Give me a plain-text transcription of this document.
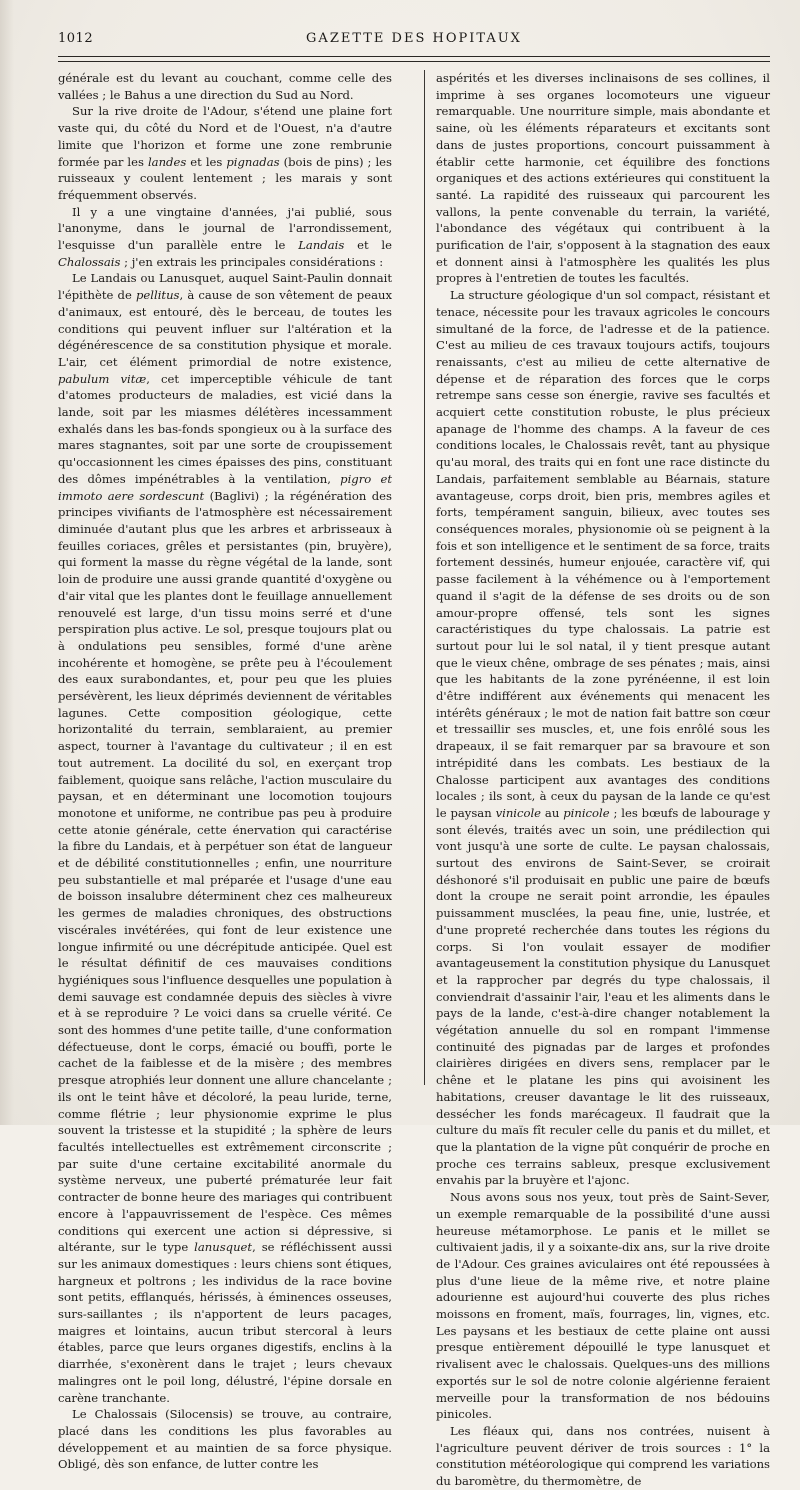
1012	GAZETTE DES HOPITAUX

générale est du levant au couchant, comme celle des vallées ; le Bahus a une direction du Sud au Nord.

Sur la rive droite de l'Adour, s'étend une plaine fort vaste qui, du côté du Nord et de l'Ouest, n'a d'autre limite que l'horizon et forme une zone rembrunie formée par les landes et les pignadas (bois de pins) ; les ruisseaux y coulent lentement ; les marais y sont fréquemment observés.

Il y a une vingtaine d'années, j'ai publié, sous l'anonyme, dans le journal de l'arrondissement, l'esquisse d'un parallèle entre le Landais et le Chalossais ; j'en extrais les principales considérations :

Le Landais ou Lanusquet, auquel Saint-Paulin donnait l'épithète de pellitus, à cause de son vêtement de peaux d'animaux, est entouré, dès le berceau, de toutes les conditions qui peuvent influer sur l'altération et la dégénérescence de sa constitution physique et morale. L'air, cet élément primordial de notre existence, pabulum vitæ, cet imperceptible véhicule de tant d'atomes producteurs de maladies, est vicié dans la lande, soit par les miasmes délétères incessamment exhalés dans les bas-fonds spongieux ou à la surface des mares stagnantes, soit par une sorte de croupissement qu'occasionnent les cimes épaisses des pins, constituant des dômes impénétrables à la ventilation, pigro et immoto aere sordescunt (Baglivi) ; la régénération des principes vivifiants de l'atmosphère est nécessairement diminuée d'autant plus que les arbres et arbrisseaux à feuilles coriaces, grêles et persistantes (pin, bruyère), qui forment la masse du règne végétal de la lande, sont loin de produire une aussi grande quantité d'oxygène ou d'air vital que les plantes dont le feuillage annuellement renouvelé est large, d'un tissu moins serré et d'une perspiration plus active. Le sol, presque toujours plat ou à ondulations peu sensibles, formé d'une arène incohérente et homogène, se prête peu à l'écoulement des eaux surabondantes, et, pour peu que les pluies persévèrent, les lieux déprimés deviennent de véritables lagunes. Cette composition géologique, cette horizontalité du terrain, semblaraient, au premier aspect, tourner à l'avantage du cultivateur ; il en est tout autrement. La docilité du sol, en exerçant trop faiblement, quoique sans relâche, l'action musculaire du paysan, et en déterminant une locomotion toujours monotone et uniforme, ne contribue pas peu à produire cette atonie générale, cette énervation qui caractérise la fibre du Landais, et à perpétuer son état de langueur et de débilité constitutionnelles ; enfin, une nourriture peu substantielle et mal préparée et l'usage d'une eau de boisson insalubre déterminent chez ces malheureux les germes de maladies chroniques, des obstructions viscérales invétérées, qui font de leur existence une longue infirmité ou une décrépitude anticipée. Quel est le résultat définitif de ces mauvaises conditions hygiéniques sous l'influence desquelles une population à demi sauvage est condamnée depuis des siècles à vivre et à se reproduire ? Le voici dans sa cruelle vérité. Ce sont des hommes d'une petite taille, d'une conformation défectueuse, dont le corps, émacié ou bouffi, porte le cachet de la faiblesse et de la misère ; des membres presque atrophiés leur donnent une allure chancelante ; ils ont le teint hâve et décoloré, la peau luride, terne, comme flétrie ; leur physionomie exprime le plus souvent la tristesse et la stupidité ; la sphère de leurs facultés intellectuelles est extrêmement circonscrite ; par suite d'une certaine excitabilité anormale du système nerveux, une puberté prématurée leur fait contracter de bonne heure des mariages qui contribuent encore à l'appauvrissement de l'espèce. Ces mêmes conditions qui exercent une action si dépressive, si altérante, sur le type lanusquet, se réfléchissent aussi sur les animaux domestiques : leurs chiens sont étiques, hargneux et poltrons ; les individus de la race bovine sont petits, efflanqués, hérissés, à éminences osseuses, surs-saillantes ; ils n'apportent de leurs pacages, maigres et lointains, aucun tribut stercoral à leurs étables, parce que leurs organes digestifs, enclins à la diarrhée, s'exonèrent dans le trajet ; leurs chevaux malingres ont le poil long, délustré, l'épine dorsale en carène tranchante.

Le Chalossais (Silocensis) se trouve, au contraire, placé dans les conditions les plus favorables au développement et au maintien de sa force physique. Obligé, dès son enfance, de lutter contre les

aspérités et les diverses inclinaisons de ses collines, il imprime à ses organes locomoteurs une vigueur remarquable. Une nourriture simple, mais abondante et saine, où les éléments réparateurs et excitants sont dans de justes proportions, concourt puissamment à établir cette harmonie, cet équilibre des fonctions organiques et des actions extérieures qui constituent la santé. La rapidité des ruisseaux qui parcourent les vallons, la pente convenable du terrain, la variété, l'abondance des végétaux qui contribuent à la purification de l'air, s'opposent à la stagnation des eaux et donnent ainsi à l'atmosphère les qualités les plus propres à l'entretien de toutes les facultés.

La structure géologique d'un sol compact, résistant et tenace, nécessite pour les travaux agricoles le concours simultané de la force, de l'adresse et de la patience. C'est au milieu de ces travaux toujours actifs, toujours renaissants, c'est au milieu de cette alternative de dépense et de réparation des forces que le corps retrempe sans cesse son énergie, ravive ses facultés et acquiert cette constitution robuste, le plus précieux apanage de l'homme des champs. A la faveur de ces conditions locales, le Chalossais revêt, tant au physique qu'au moral, des traits qui en font une race distincte du Landais, parfaitement semblable au Béarnais, stature avantageuse, corps droit, bien pris, membres agiles et forts, tempérament sanguin, bilieux, avec toutes ses conséquences morales, physionomie où se peignent à la fois et son intelligence et le sentiment de sa force, traits fortement dessinés, humeur enjouée, caractère vif, qui passe facilement à la véhémence ou à l'emportement quand il s'agit de la défense de ses droits ou de son amour-propre offensé, tels sont les signes caractéristiques du type chalossais. La patrie est surtout pour lui le sol natal, il y tient presque autant que le vieux chêne, ombrage de ses pénates ; mais, ainsi que les habitants de la zone pyrénéenne, il est loin d'être indifférent aux événements qui menacent les intérêts généraux ; le mot de nation fait battre son cœur et tressaillir ses muscles, et, une fois enrôlé sous les drapeaux, il se fait remarquer par sa bravoure et son intrépidité dans les combats. Les bestiaux de la Chalosse participent aux avantages des conditions locales ; ils sont, à ceux du paysan de la lande ce qu'est le paysan vinicole au pinicole ; les bœufs de labourage y sont élevés, traités avec un soin, une prédilection qui vont jusqu'à une sorte de culte. Le paysan chalossais, surtout des environs de Saint-Sever, se croirait déshonoré s'il produisait en public une paire de bœufs dont la croupe ne serait point arrondie, les épaules puissamment musclées, la peau fine, unie, lustrée, et d'une propreté recherchée dans toutes les régions du corps. Si l'on voulait essayer de modifier avantageusement la constitution physique du Lanusquet et la rapprocher par degrés du type chalossais, il conviendrait d'assainir l'air, l'eau et les aliments dans le pays de la lande, c'est-à-dire changer notablement la végétation annuelle du sol en rompant l'immense continuité des pignadas par de larges et profondes clairières dirigées en divers sens, remplacer par le chêne et le platane les pins qui avoisinent les habitations, creuser davantage le lit des ruisseaux, dessécher les fonds marécageux. Il faudrait que la culture du maïs fît reculer celle du panis et du millet, et que la plantation de la vigne pût conquérir de proche en proche ces terrains sableux, presque exclusivement envahis par la bruyère et l'ajonc.

Nous avons sous nos yeux, tout près de Saint-Sever, un exemple remarquable de la possibilité d'une aussi heureuse métamorphose. Le panis et le millet se cultivaient jadis, il y a soixante-dix ans, sur la rive droite de l'Adour. Ces graines aviculaires ont été repoussées à plus d'une lieue de la même rive, et notre plaine adourienne est aujourd'hui couverte des plus riches moissons en froment, maïs, fourrages, lin, vignes, etc. Les paysans et les bestiaux de cette plaine ont aussi presque entièrement dépouillé le type lanusquet et rivalisent avec le chalossais. Quelques-uns des millions exportés sur le sol de notre colonie algérienne feraient merveille pour la transformation de nos bédouins pinicoles.

Les fléaux qui, dans nos contrées, nuisent à l'agriculture peuvent dériver de trois sources : 1° la constitution météorologique qui comprend les variations du baromètre, du thermomètre, de
